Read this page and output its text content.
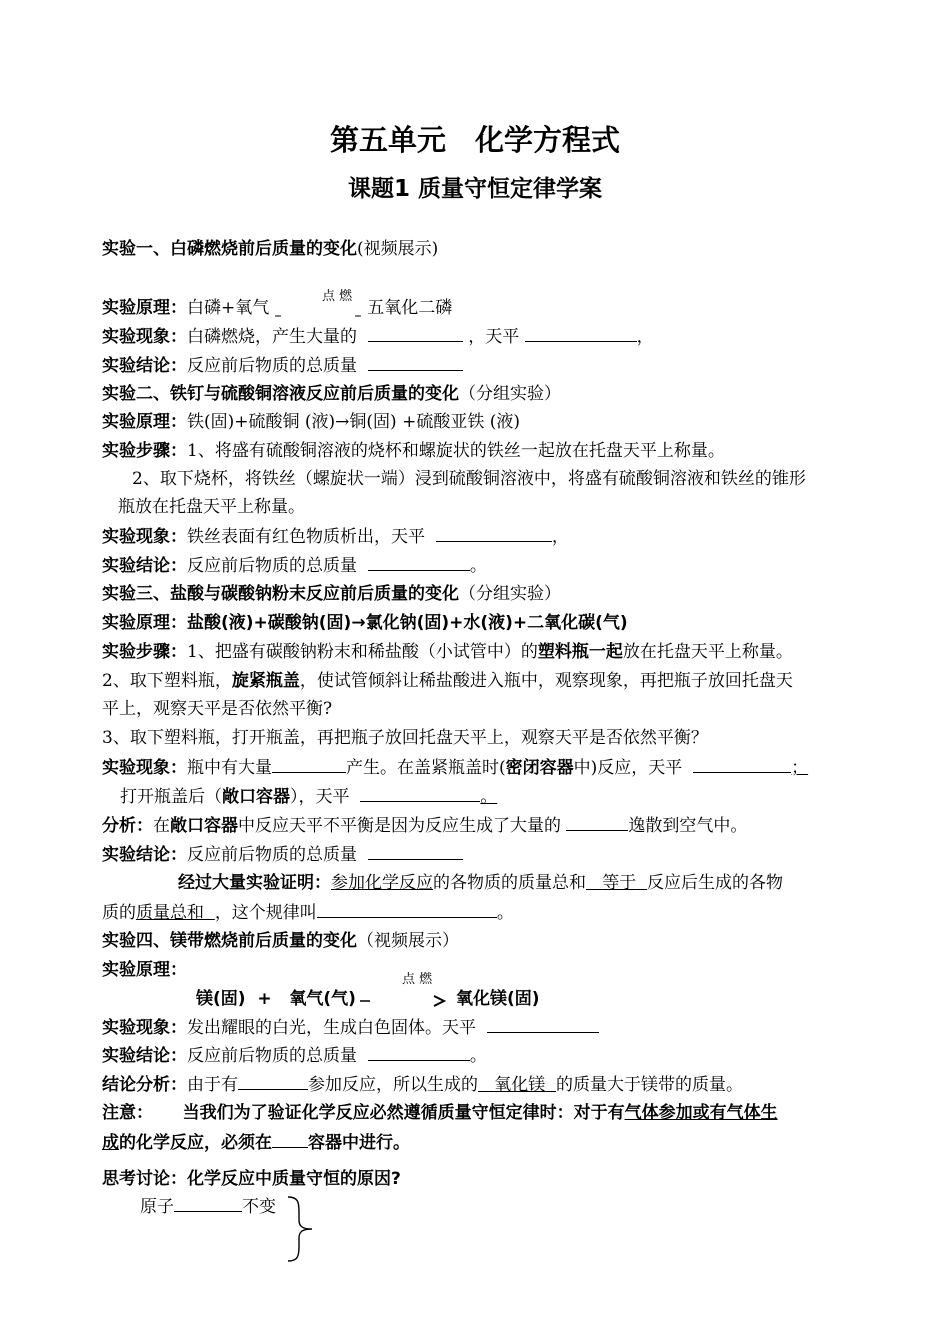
第五单元　化学方程式
课题1 质量守恒定律学案
实验一、白磷燃烧前后质量的变化(视频展示)
点 燃
实验原理：白磷+氧气	五氧化二磷
实验现象：白磷燃烧，产生大量的	，天平	，
实验结论：反应前后物质的总质量
实验二、铁钉与硫酸铜溶液反应前后质量的变化（分组实验）
实验原理：铁(固)+硫酸铜 (液)→铜(固) +硫酸亚铁 (液)
实验步骤：1、将盛有硫酸铜溶液的烧杯和螺旋状的铁丝一起放在托盘天平上称量。
2、取下烧杯，将铁丝（螺旋状一端）浸到硫酸铜溶液中，将盛有硫酸铜溶液和铁丝的锥形
瓶放在托盘天平上称量。
实验现象：铁丝表面有红色物质析出，天平	，
实验结论：反应前后物质的总质量	。
实验三、盐酸与碳酸钠粉末反应前后质量的变化（分组实验）
实验原理：盐酸(液)+碳酸钠(固)→氯化钠(固)+水(液)+二氧化碳(气)
实验步骤：1、把盛有碳酸钠粉末和稀盐酸（小试管中）的塑料瓶一起放在托盘天平上称量。
2、取下塑料瓶，旋紧瓶盖，使试管倾斜让稀盐酸进入瓶中，观察现象，再把瓶子放回托盘天
平上，观察天平是否依然平衡?
3、取下塑料瓶，打开瓶盖，再把瓶子放回托盘天平上，观察天平是否依然平衡？
实验现象：瓶中有大量	产生。在盖紧瓶盖时(密闭容器中)反应，天平	；
打开瓶盖后（敞口容器），天平	。
分析：在敞口容器中反应天平不平衡是因为反应生成了大量的	逸散到空气中。
实验结论：反应前后物质的总质量
经过大量实验证明：参加化学反应的各物质的质量总和 等于 反应后生成的各物
质的质量总和 ，这个规律叫	。
实验四、镁带燃烧前后质量的变化（视频展示）
实验原理：	点 燃
镁(固) + 氧气(气)	氧化镁(固)
实验现象：发出耀眼的白光，生成白色固体。天平
实验结论：反应前后物质的总质量	。
结论分析：由于有	参加反应，所以生成的 氧化镁 的质量大于镁带的质量。
注意： 当我们为了验证化学反应必然遵循质量守恒定律时：对于有气体参加或有气体生
成的化学反应，必须在 容器中进行。
思考讨论：化学反应中质量守恒的原因?
原子	不变
